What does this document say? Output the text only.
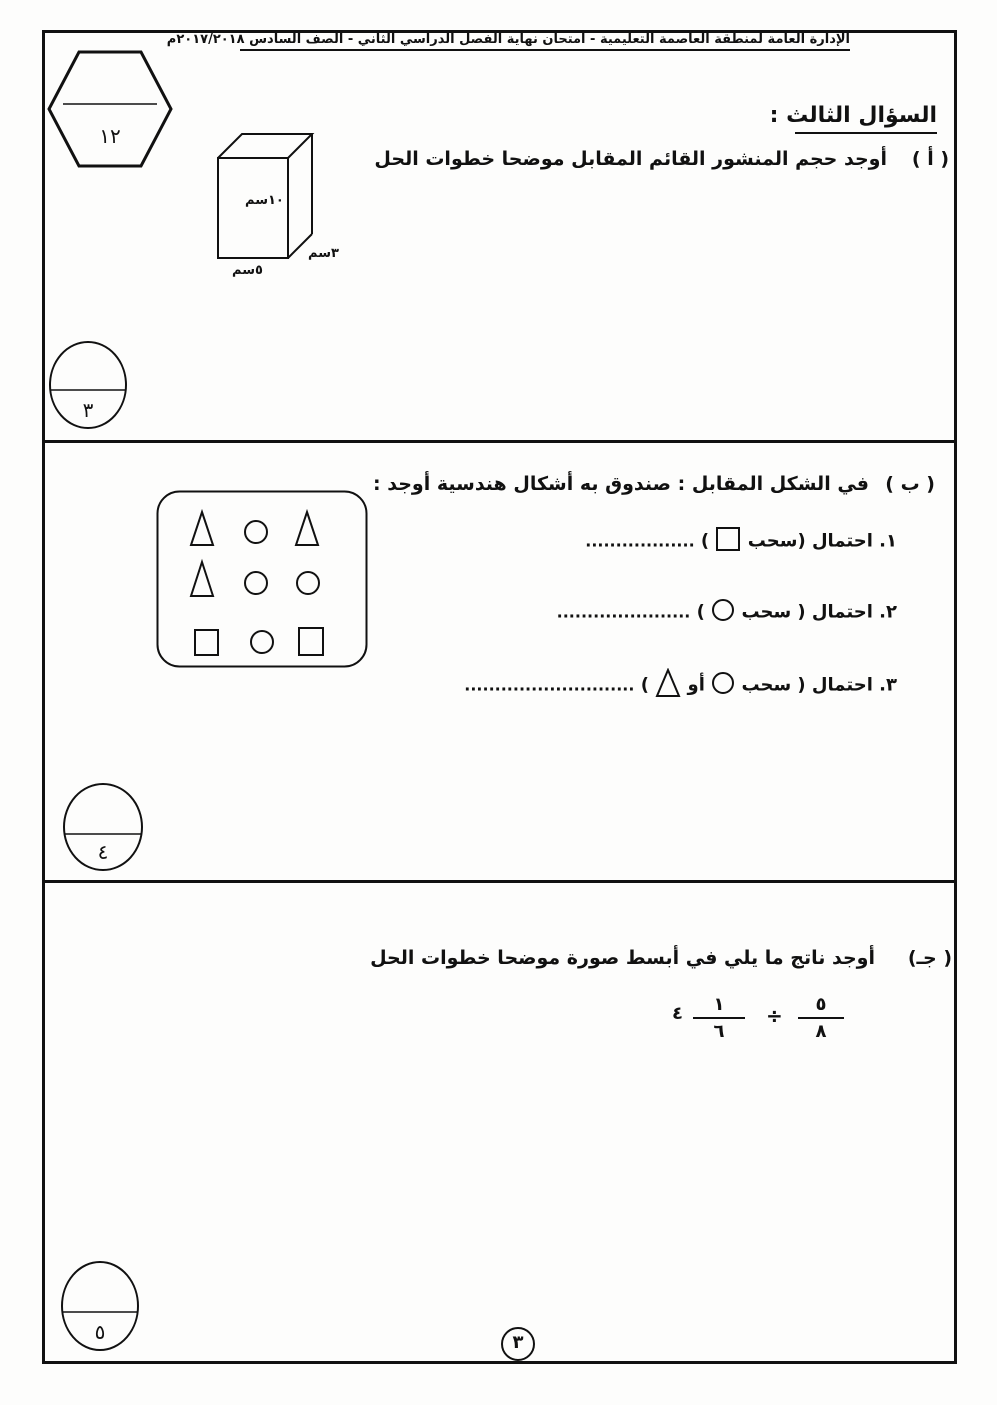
الإدارة العامة لمنطقة العاصمة التعليمية - امتحان نهاية الفصل الدراسي الثاني - الصف السادس ٢٠١٧/٢٠١٨م
١٢
السؤال الثالث :
( أ )
أوجد حجم المنشور القائم المقابل موضحا خطوات الحل
١٠سم
٣سم
٥سم
٣
( ب )
في الشكل المقابل : صندوق به أشكال هندسية أوجد :
١. احتمال (سحب  ) ..................
٢. احتمال ( سحب  ) ......................
٣. احتمال ( سحب  أو  ) ............................
٤
( جـ)
أوجد ناتج ما يلي في أبسط صورة موضحا خطوات الحل
٤	١
٦
÷	٥
٨
٥	٣
